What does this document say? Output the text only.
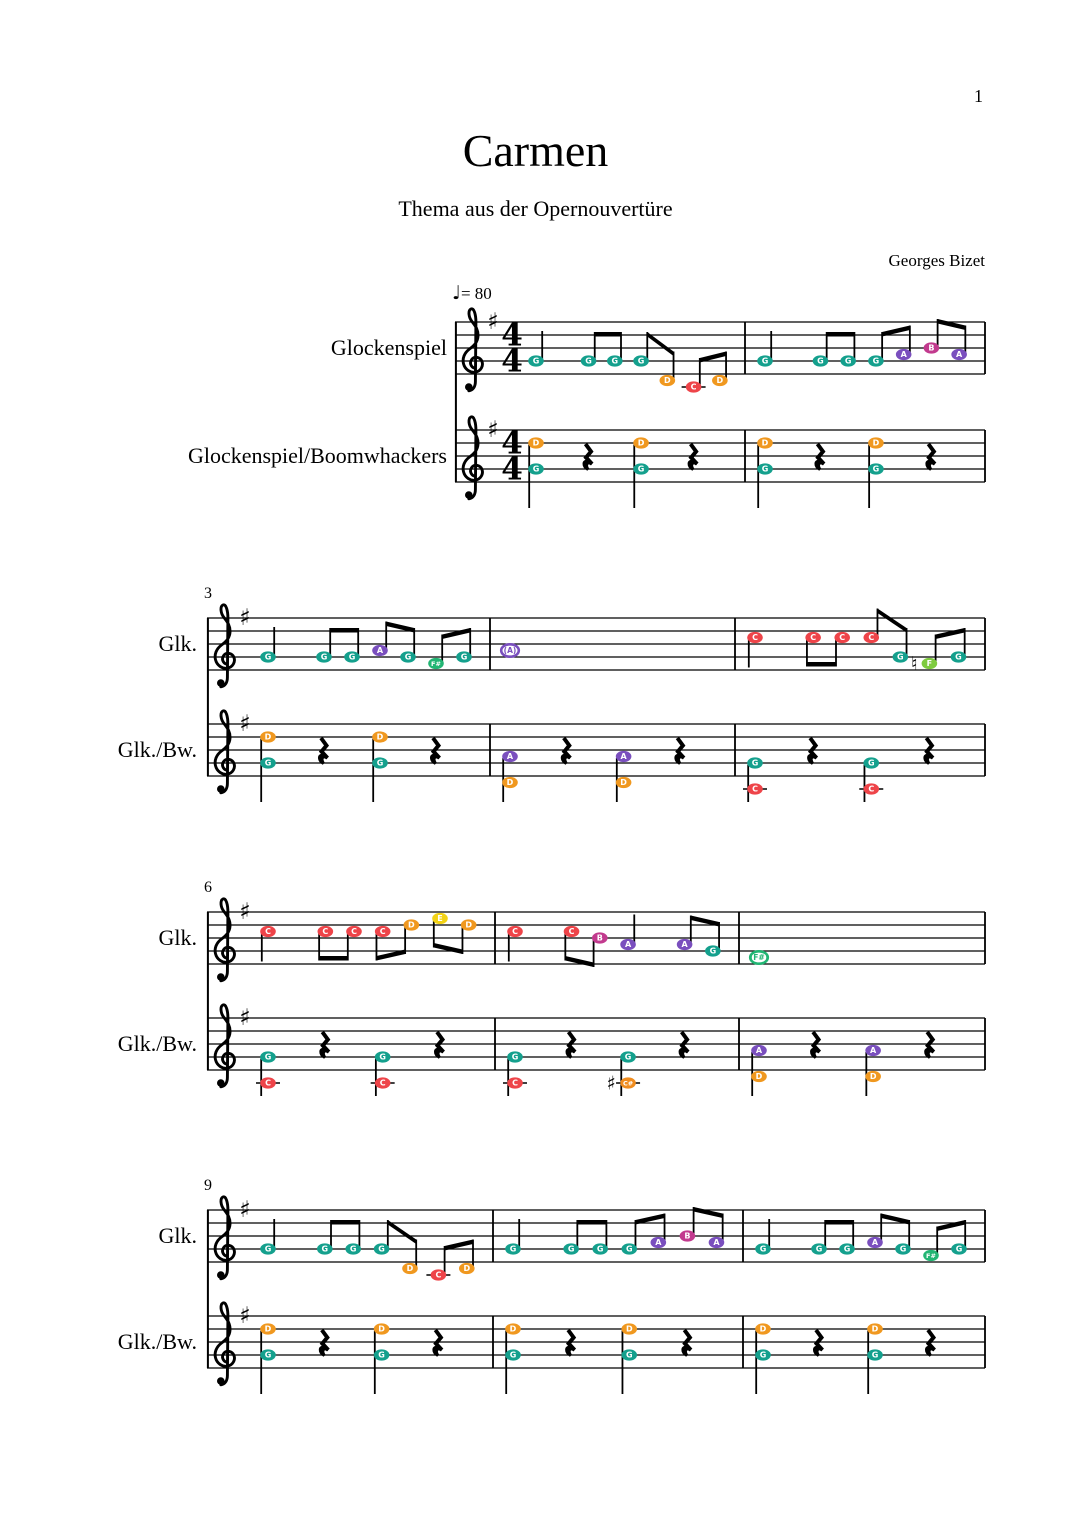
♯ 4
4
♯ 4
4
G	G G G
D
C
D
G	G	G	G
A
B
A
D
G
D
G
D
G
D
G
♯
♯
G	G	G
A
G
F#
G
(A)
C	C	C	C
G ♮ F
G
D
G
D
G
A
D
A
D
G
C
G
C
♯
♯
C	C	C	C
D
E
D
C	C
B
A	A
G
(F#)
G
C
G
C
G
C	♯
G
C#
A
D
A
D
♯
♯
G	G	G	G
D
C
D
G	G	G	G
A
B
A
G	G	G
A
G
F#
G
D
G
D
G
D
G
D
G
D
G
D
G
1
Carmen
Thema aus der Opernouvertüre
Georges Bizet
♩= 80
Glockenspiel
Glockenspiel/Boomwhackers
Glk.
Glk./Bw.
Glk.
Glk./Bw.
Glk.
Glk./Bw.
3
6
9
